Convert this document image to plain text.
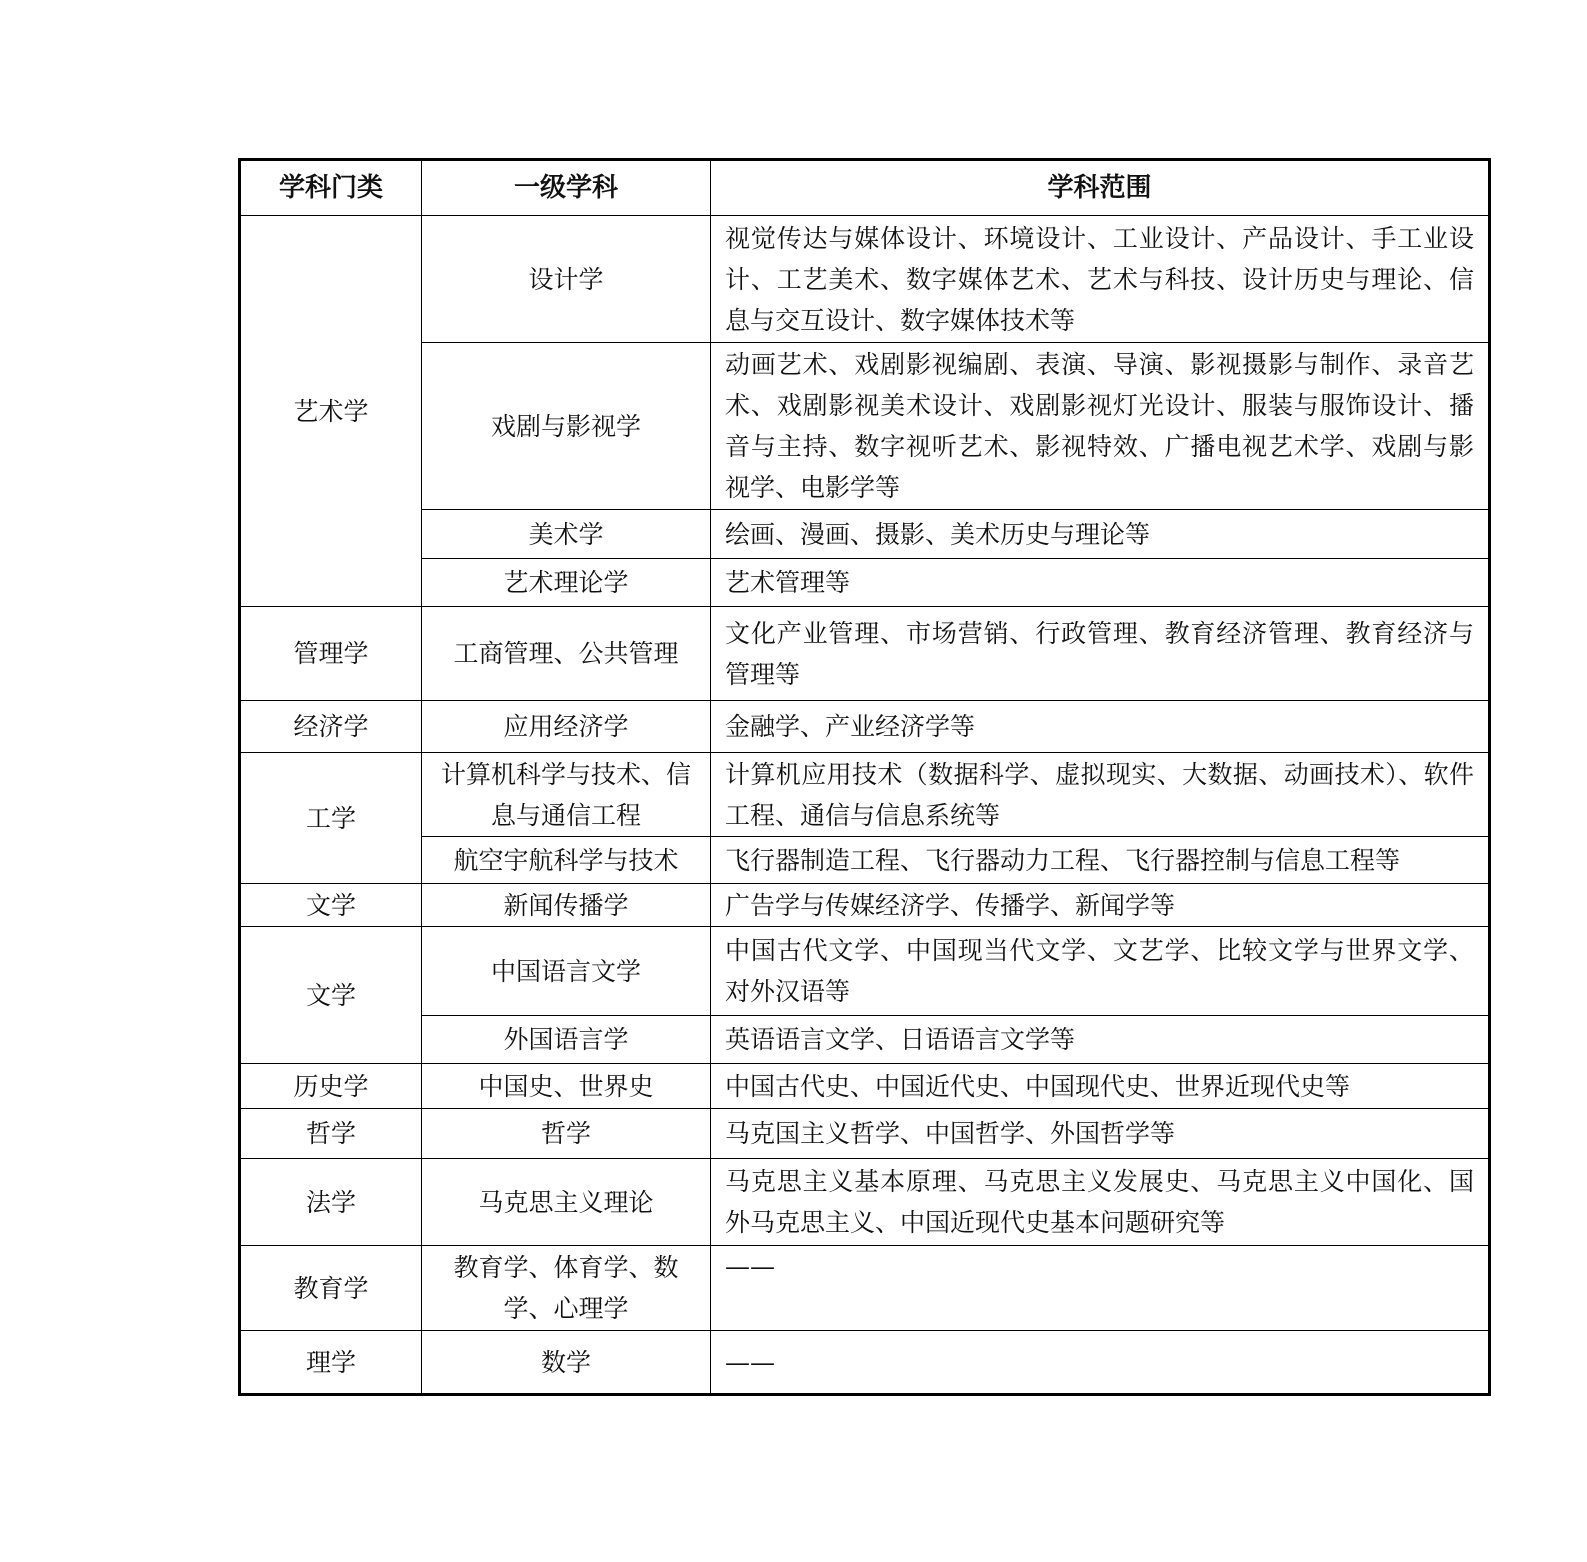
学科门类	一级学科	学科范围
艺术学	设计学	视觉传达与媒体设计、环境设计、工业设计、产品设计、手工业设计、工艺美术、数字媒体艺术、艺术与科技、设计历史与理论、信息与交互设计、数字媒体技术等
	戏剧与影视学	动画艺术、戏剧影视编剧、表演、导演、影视摄影与制作、录音艺术、戏剧影视美术设计、戏剧影视灯光设计、服装与服饰设计、播音与主持、数字视听艺术、影视特效、广播电视艺术学、戏剧与影视学、电影学等
	美术学	绘画、漫画、摄影、美术历史与理论等
	艺术理论学	艺术管理等
管理学	工商管理、公共管理	文化产业管理、市场营销、行政管理、教育经济管理、教育经济与管理等
经济学	应用经济学	金融学、产业经济学等
工学	计算机科学与技术、信息与通信工程	计算机应用技术（数据科学、虚拟现实、大数据、动画技术）、软件工程、通信与信息系统等
	航空宇航科学与技术	飞行器制造工程、飞行器动力工程、飞行器控制与信息工程等
文学	新闻传播学	广告学与传媒经济学、传播学、新闻学等
文学	中国语言文学	中国古代文学、中国现当代文学、文艺学、比较文学与世界文学、对外汉语等
	外国语言学	英语语言文学、日语语言文学等
历史学	中国史、世界史	中国古代史、中国近代史、中国现代史、世界近现代史等
哲学	哲学	马克国主义哲学、中国哲学、外国哲学等
法学	马克思主义理论	马克思主义基本原理、马克思主义发展史、马克思主义中国化、国外马克思主义、中国近现代史基本问题研究等
教育学	教育学、体育学、数学、心理学	——
理学	数学	——
